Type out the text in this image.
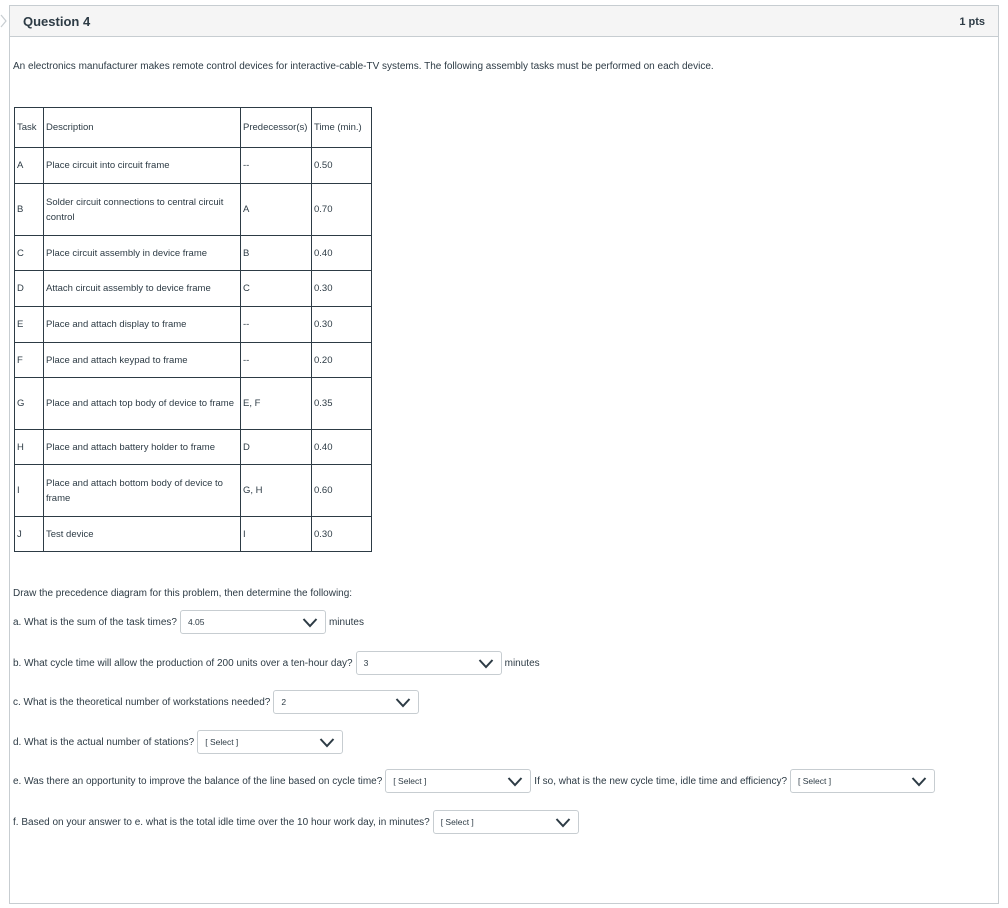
Question 4	1 pts
An electronics manufacturer makes remote control devices for interactive-cable-TV systems. The following assembly tasks must be performed on each device.
Task	Description	Predecessor(s)	Time (min.)
A	Place circuit into circuit frame	--	0.50
B	Solder circuit connections to central circuit control	A	0.70
C	Place circuit assembly in device frame	B	0.40
D	Attach circuit assembly to device frame	C	0.30
E	Place and attach display to frame	--	0.30
F	Place and attach keypad to frame	--	0.20
G	Place and attach top body of device to frame	E, F	0.35
H	Place and attach battery holder to frame	D	0.40
I	Place and attach bottom body of device to frame	G, H	0.60
J	Test device	I	0.30
Draw the precedence diagram for this problem, then determine the following:
a. What is the sum of the task times? 4.05	minutes
b. What cycle time will allow the production of 200 units over a ten-hour day? 3	minutes
c. What is the theoretical number of workstations needed? 2
d. What is the actual number of stations? [ Select ]
e. Was there an opportunity to improve the balance of the line based on cycle time? [ Select ]	If so, what is the new cycle time, idle time and efficiency? [ Select ]
f. Based on your answer to e. what is the total idle time over the 10 hour work day, in minutes? [ Select ]
